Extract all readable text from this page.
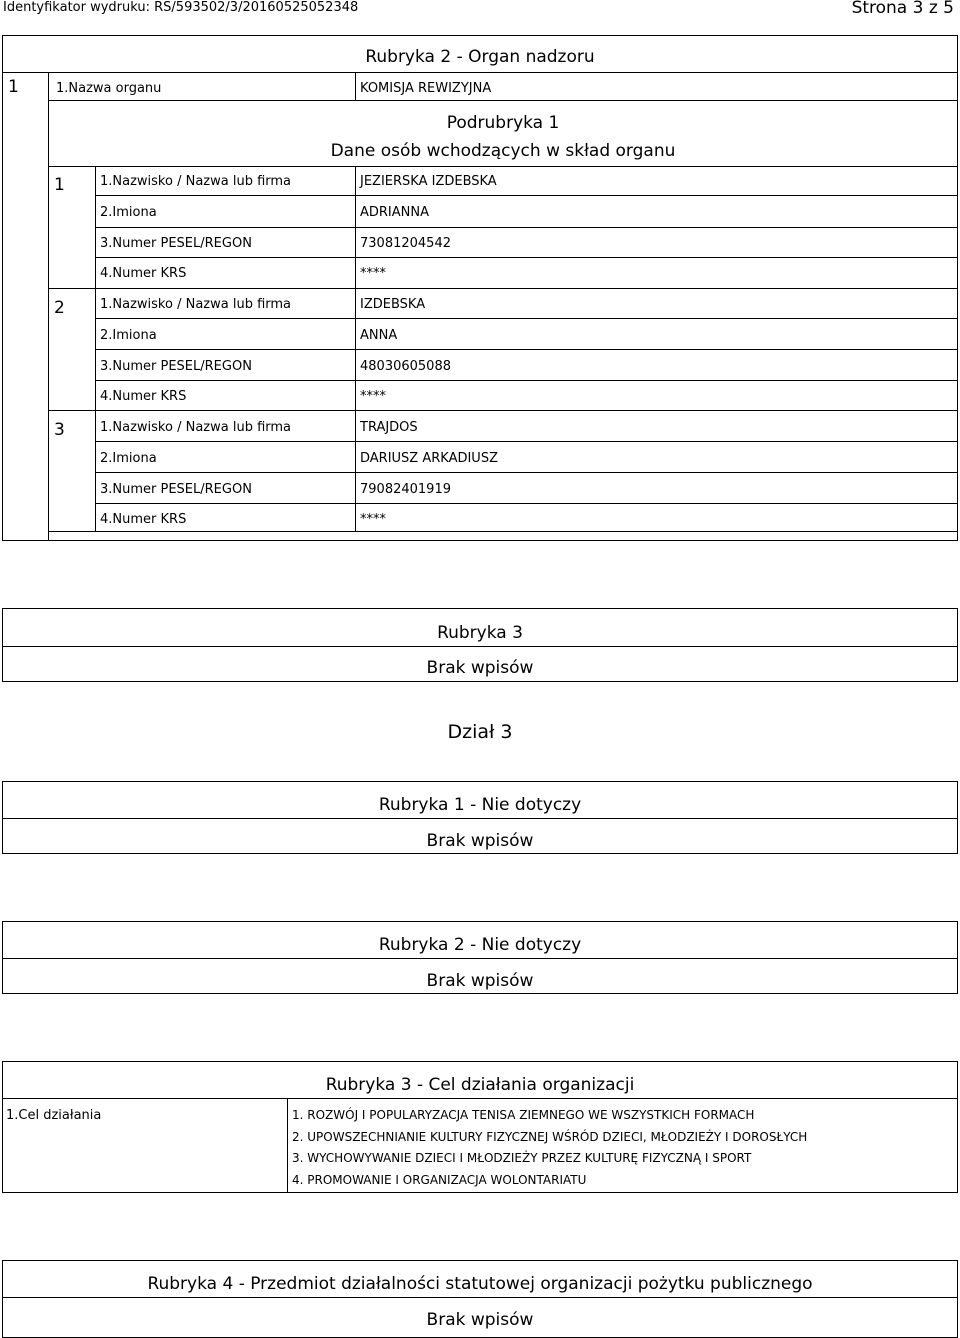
Identyfikator wydruku: RS/593502/3/20160525052348	Strona 3 z 5
Rubryka 2 - Organ nadzoru
1	1.Nazwa organu	KOMISJA REWIZYJNA
Podrubryka 1
Dane osób wchodzących w skład organu
1	1.Nazwisko / Nazwa lub firma	JEZIERSKA IZDEBSKA
2.Imiona	ADRIANNA
3.Numer PESEL/REGON	73081204542
4.Numer KRS	****
2	1.Nazwisko / Nazwa lub firma	IZDEBSKA
2.Imiona	ANNA
3.Numer PESEL/REGON	48030605088
4.Numer KRS	****
3	1.Nazwisko / Nazwa lub firma	TRAJDOS
2.Imiona	DARIUSZ ARKADIUSZ
3.Numer PESEL/REGON	79082401919
4.Numer KRS	****
Rubryka 3
Brak wpisów
Dział 3
Rubryka 1 - Nie dotyczy
Brak wpisów
Rubryka 2 - Nie dotyczy
Brak wpisów
Rubryka 3 - Cel działania organizacji
1.Cel działania	1. ROZWÓJ I POPULARYZACJA TENISA ZIEMNEGO WE WSZYSTKICH FORMACH
2. UPOWSZECHNIANIE KULTURY FIZYCZNEJ WŚRÓD DZIECI, MŁODZIEŻY I DOROSŁYCH
3. WYCHOWYWANIE DZIECI I MŁODZIEŻY PRZEZ KULTURĘ FIZYCZNĄ I SPORT
4. PROMOWANIE I ORGANIZACJA WOLONTARIATU
Rubryka 4 - Przedmiot działalności statutowej organizacji pożytku publicznego
Brak wpisów
